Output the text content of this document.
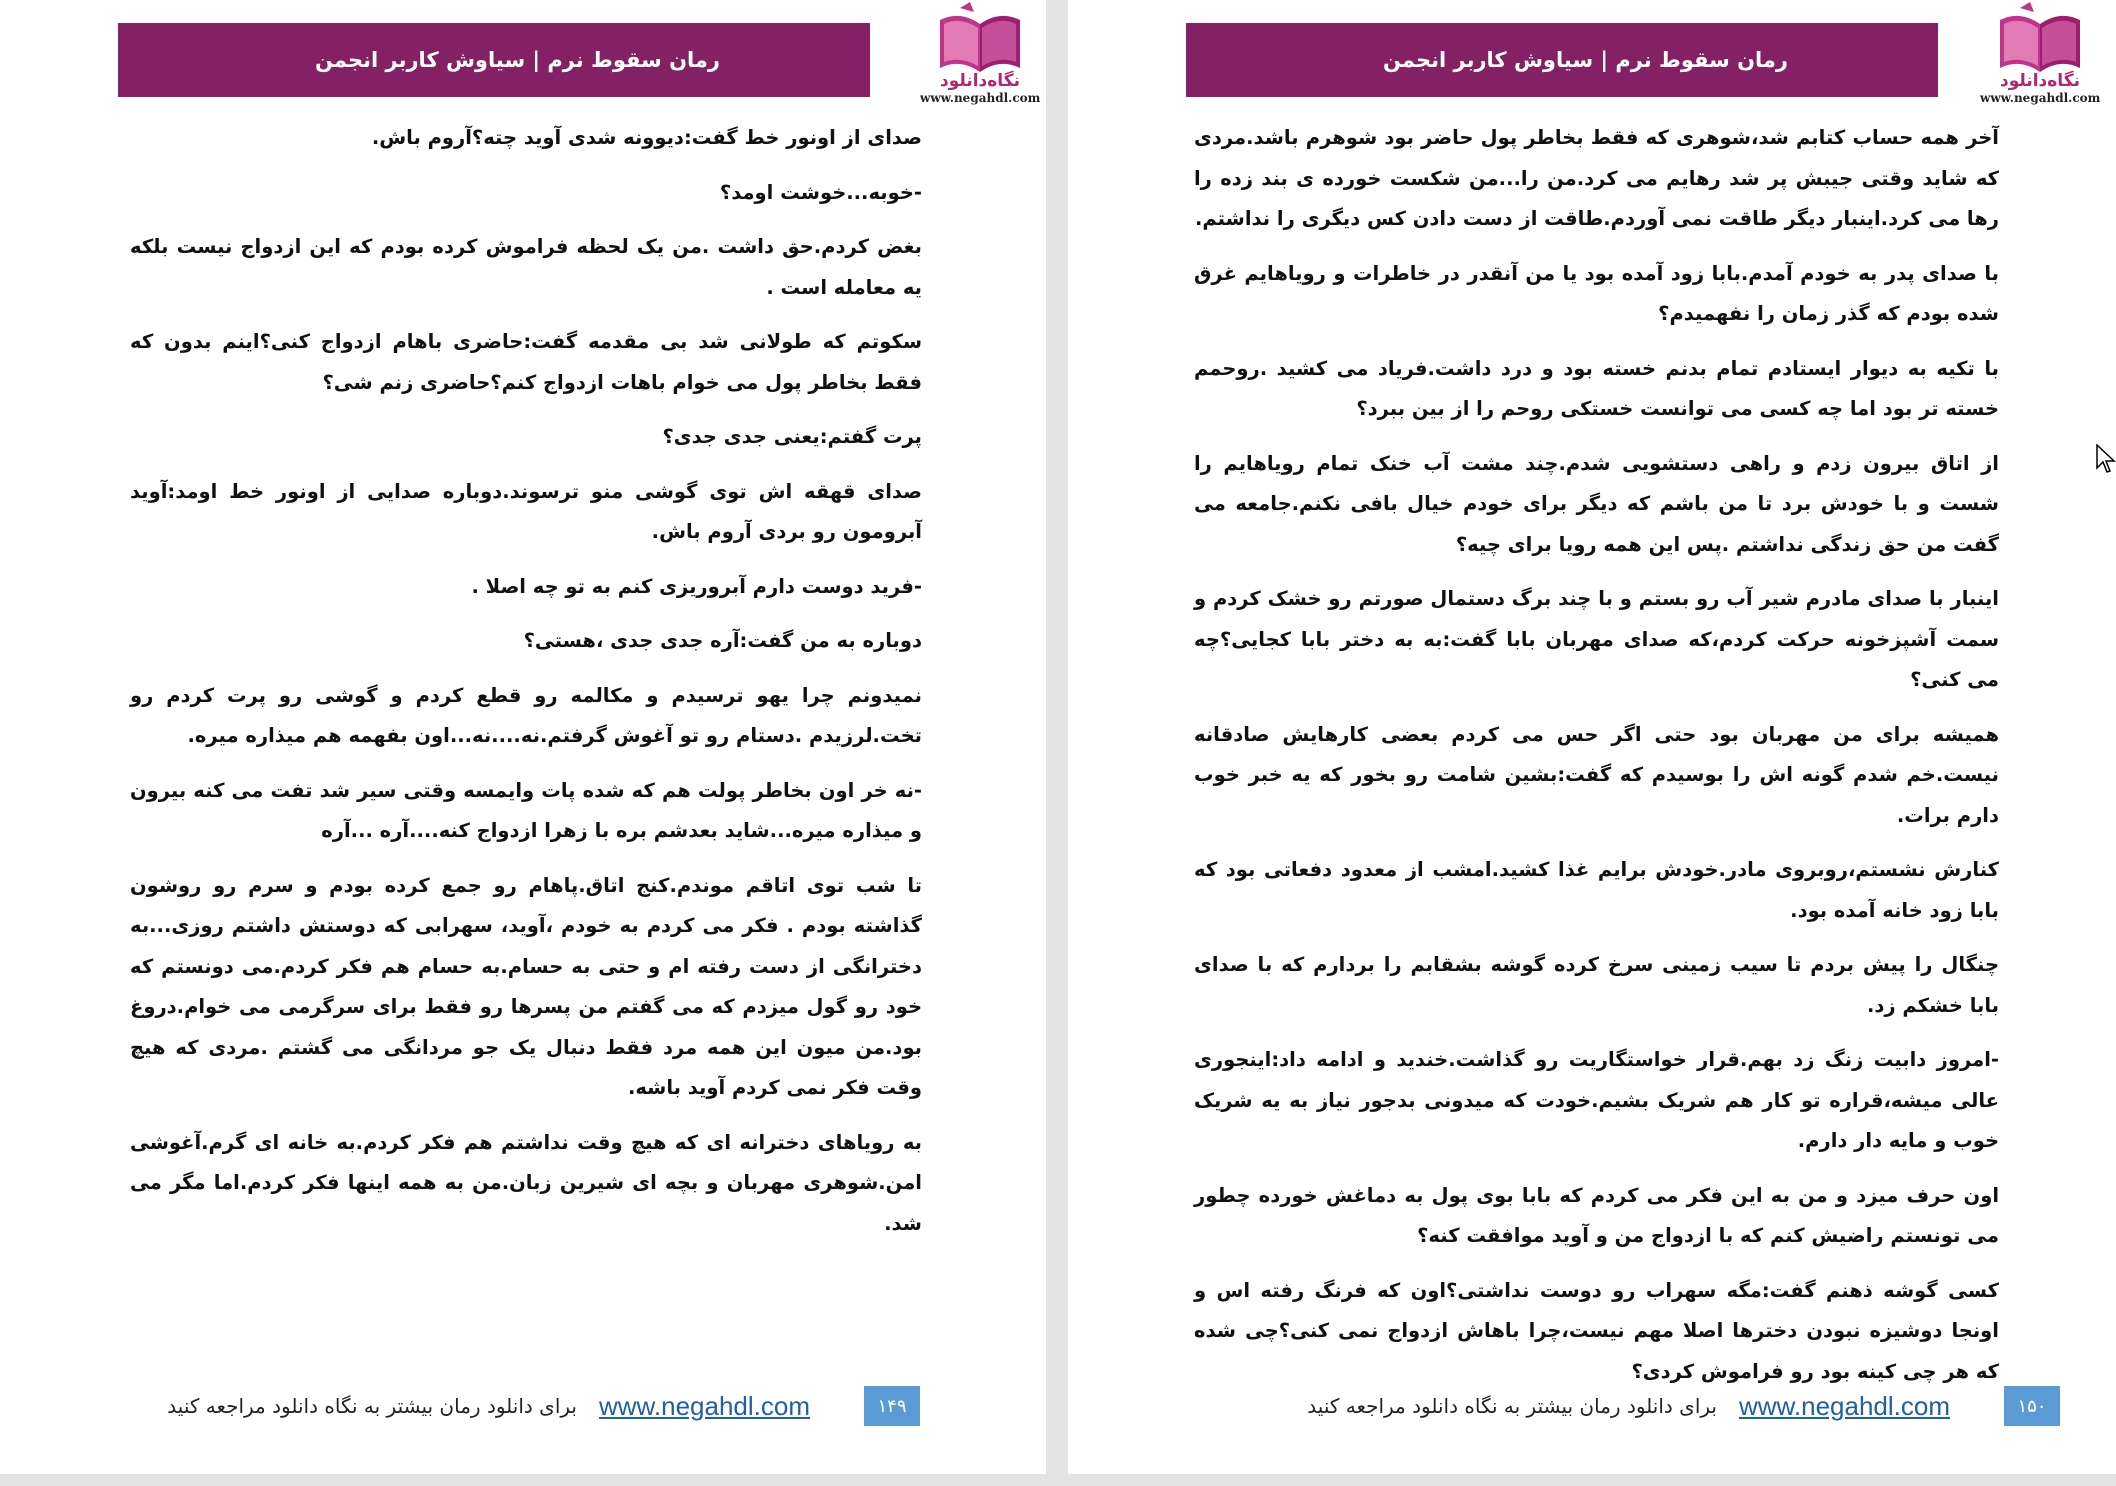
رمان سقوط نرم | سیاوش کاربر انجمن
نگاه‌دانلود
www.negahdl.com

صدای از اونور خط گفت:دیوونه شدی آوید چته؟آروم باش.

-خوبه...خوشت اومد؟

بغض کردم.حق داشت .من یک لحظه فراموش کرده بودم که این ازدواج نیست بلکه یه معامله است .

سکوتم که طولانی شد بی مقدمه گفت:حاضری باهام ازدواج کنی؟اینم بدون که فقط بخاطر پول می خوام باهات ازدواج کنم؟حاضری زنم شی؟

پرت گفتم:یعنی جدی جدی؟

صدای قهقه اش توی گوشی منو ترسوند.دوباره صدایی از اونور خط اومد:آوید آبرومون رو بردی آروم باش.

-فرید دوست دارم آبروریزی کنم به تو چه اصلا .

دوباره به من گفت:آره جدی جدی ،هستی؟

نمیدونم چرا یهو ترسیدم و مکالمه رو قطع کردم و گوشی رو پرت کردم رو تخت.لرزیدم .دستام رو تو آغوش گرفتم.نه....نه...اون بفهمه هم میذاره میره.

-نه خر اون بخاطر پولت هم که شده پات وایمسه وقتی سیر شد تفت می کنه بیرون و میذاره میره...شاید بعدشم بره با زهرا ازدواج کنه....آره ...آره

تا شب توی اتاقم موندم.کنج اتاق.پاهام رو جمع کرده بودم و سرم رو روشون گذاشته بودم . فکر می کردم به خودم ،آوید، سهرابی که دوستش داشتم روزی...به دخترانگی از دست رفته ام و حتی به حسام.به حسام هم فکر کردم.می دونستم که خود رو گول میزدم که می گفتم من پسرها رو فقط برای سرگرمی می خوام.دروغ بود.من میون این همه مرد فقط دنبال یک جو مردانگی می گشتم .مردی که هیچ وقت فکر نمی کردم آوید باشه.

به رویاهای دخترانه ای که هیچ وقت نداشتم هم فکر کردم.به خانه ای گرم.آغوشی امن.شوهری مهربان و بچه ای شیرین زبان.من به همه اینها فکر کردم.اما مگر می شد.

۱۴۹
www.negahdl.com
برای دانلود رمان بیشتر به نگاه دانلود مراجعه کنید
رمان سقوط نرم | سیاوش کاربر انجمن
نگاه‌دانلود
www.negahdl.com

آخر همه حساب کتابم شد،شوهری که فقط بخاطر پول حاضر بود شوهرم باشد.مردی که شاید وقتی جیبش پر شد رهایم می کرد.من را...من شکست خورده ی بند زده را رها می کرد.اینبار دیگر طاقت نمی آوردم.طاقت از دست دادن کس دیگری را نداشتم.

با صدای پدر به خودم آمدم.بابا زود آمده بود یا من آنقدر در خاطرات و رویاهایم غرق شده بودم که گذر زمان را نفهمیدم؟

با تکیه به دیوار ایستادم تمام بدنم خسته بود و درد داشت.فریاد می کشید .روحمم خسته تر بود اما چه کسی می توانست خستکی روحم را از بین ببرد؟

از اتاق بیرون زدم و راهی دستشویی شدم.چند مشت آب خنک تمام رویاهایم را شست و با خودش برد تا من باشم که دیگر برای خودم خیال بافی نکنم.جامعه می گفت من حق زندگی نداشتم .پس این همه رویا برای چیه؟

اینبار با صدای مادرم شیر آب رو بستم و با چند برگ دستمال صورتم رو خشک کردم و سمت آشپزخونه حرکت کردم،که صدای مهربان بابا گفت:به به دختر بابا کجایی؟چه می کنی؟

همیشه برای من مهربان بود حتی اگر حس می کردم بعضی کارهایش صادقانه نیست.خم شدم گونه اش را بوسیدم که گفت:بشین شامت رو بخور که یه خبر خوب دارم برات.

کنارش نشستم،روبروی مادر.خودش برایم غذا کشید.امشب از معدود دفعاتی بود که بابا زود خانه آمده بود.

چنگال را پیش بردم تا سیب زمینی سرخ کرده گوشه بشقابم را بردارم که با صدای بابا خشکم زد.

-امروز دابیت زنگ زد بهم.قرار خواستگاریت رو گذاشت.خندید و ادامه داد:اینجوری عالی میشه،قراره تو کار هم شریک بشیم.خودت که میدونی بدجور نیاز به یه شریک خوب و مایه دار دارم.

اون حرف میزد و من به این فکر می کردم که بابا بوی پول به دماغش خورده چطور می تونستم راضیش کنم که با ازدواج من و آوید موافقت کنه؟

کسی گوشه ذهنم گفت:مگه سهراب رو دوست نداشتی؟اون که فرنگ رفته اس و اونجا دوشیزه نبودن دخترها اصلا مهم نیست،چرا باهاش ازدواج نمی کنی؟چی شده که هر چی کینه بود رو فراموش کردی؟

۱۵۰
www.negahdl.com
برای دانلود رمان بیشتر به نگاه دانلود مراجعه کنید
